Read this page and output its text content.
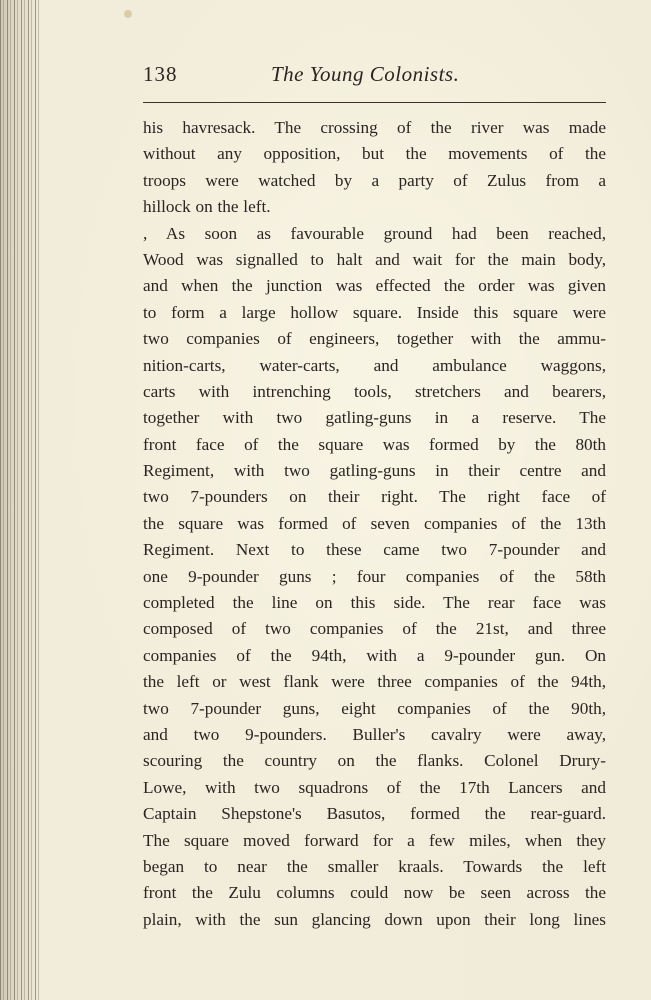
138	The Young Colonists.
his havresack. The crossing of the river was made
without any opposition, but the movements of the
troops were watched by a party of Zulus from a
hillock on the left.
, As soon as favourable ground had been reached,
Wood was signalled to halt and wait for the main body,
and when the junction was effected the order was given
to form a large hollow square. Inside this square were
two companies of engineers, together with the ammu-
nition-carts, water-carts, and ambulance waggons,
carts with intrenching tools, stretchers and bearers,
together with two gatling-guns in a reserve. The
front face of the square was formed by the 80th
Regiment, with two gatling-guns in their centre and
two 7-pounders on their right. The right face of
the square was formed of seven companies of the 13th
Regiment. Next to these came two 7-pounder and
one 9-pounder guns ; four companies of the 58th
completed the line on this side. The rear face was
composed of two companies of the 21st, and three
companies of the 94th, with a 9-pounder gun. On
the left or west flank were three companies of the 94th,
two 7-pounder guns, eight companies of the 90th,
and two 9-pounders. Buller's cavalry were away,
scouring the country on the flanks. Colonel Drury-
Lowe, with two squadrons of the 17th Lancers and
Captain Shepstone's Basutos, formed the rear-guard.
The square moved forward for a few miles, when they
began to near the smaller kraals. Towards the left
front the Zulu columns could now be seen across the
plain, with the sun glancing down upon their long lines
